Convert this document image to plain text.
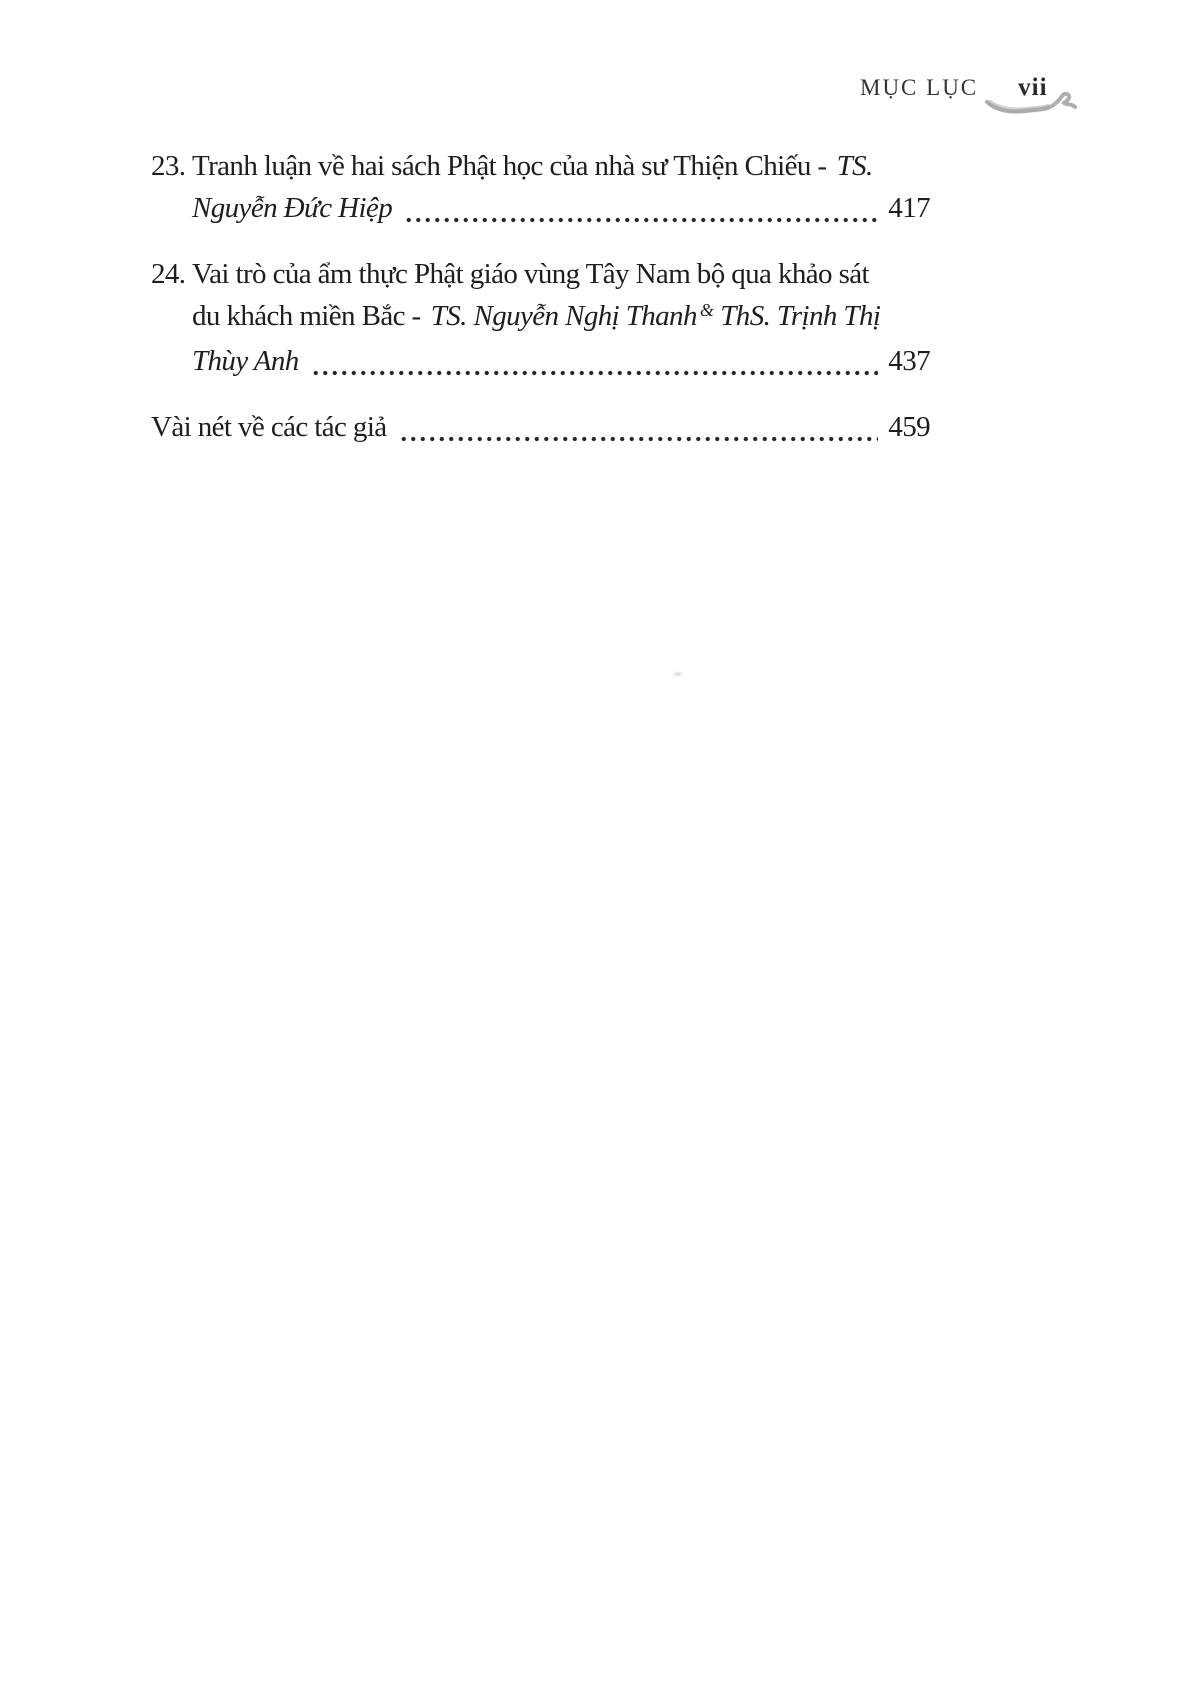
MỤC LỤC vii
23. Tranh luận về hai sách Phật học của nhà sư Thiện Chiếu - TS.
Nguyễn Đức Hiệp	417
24. Vai trò của ẩm thực Phật giáo vùng Tây Nam bộ qua khảo sát
du khách miền Bắc - TS. Nguyễn Nghị Thanh & ThS. Trịnh Thị
Thùy Anh	437
Vài nét về các tác giả	459
